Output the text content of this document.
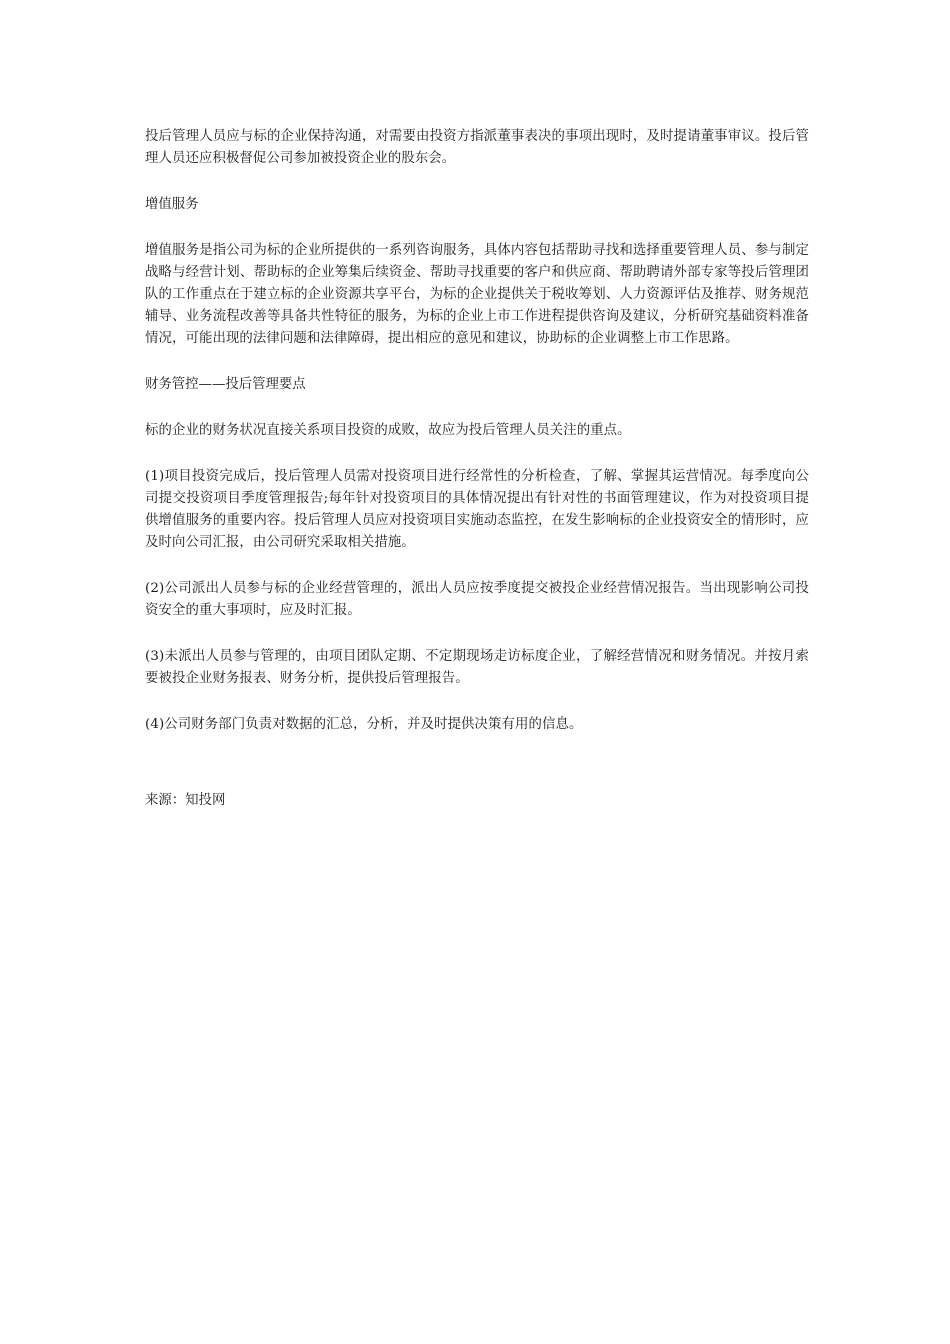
投后管理人员应与标的企业保持沟通，对需要由投资方指派董事表决的事项出现时，及时提请董事审议。投后管理人员还应积极督促公司参加被投资企业的股东会。

增值服务

增值服务是指公司为标的企业所提供的一系列咨询服务，具体内容包括帮助寻找和选择重要管理人员、参与制定战略与经营计划、帮助标的企业筹集后续资金、帮助寻找重要的客户和供应商、帮助聘请外部专家等投后管理团队的工作重点在于建立标的企业资源共享平台，为标的企业提供关于税收筹划、人力资源评估及推荐、财务规范辅导、业务流程改善等具备共性特征的服务，为标的企业上市工作进程提供咨询及建议，分析研究基础资料准备情况，可能出现的法律问题和法律障碍，提出相应的意见和建议，协助标的企业调整上市工作思路。

财务管控——投后管理要点

标的企业的财务状况直接关系项目投资的成败，故应为投后管理人员关注的重点。

(1)项目投资完成后，投后管理人员需对投资项目进行经常性的分析检查，了解、掌握其运营情况。每季度向公司提交投资项目季度管理报告;每年针对投资项目的具体情况提出有针对性的书面管理建议，作为对投资项目提供增值服务的重要内容。投后管理人员应对投资项目实施动态监控，在发生影响标的企业投资安全的情形时，应及时向公司汇报，由公司研究采取相关措施。

(2)公司派出人员参与标的企业经营管理的，派出人员应按季度提交被投企业经营情况报告。当出现影响公司投资安全的重大事项时，应及时汇报。

(3)未派出人员参与管理的，由项目团队定期、不定期现场走访标度企业，了解经营情况和财务情况。并按月索要被投企业财务报表、财务分析，提供投后管理报告。

(4)公司财务部门负责对数据的汇总，分析，并及时提供决策有用的信息。

来源：知投网
